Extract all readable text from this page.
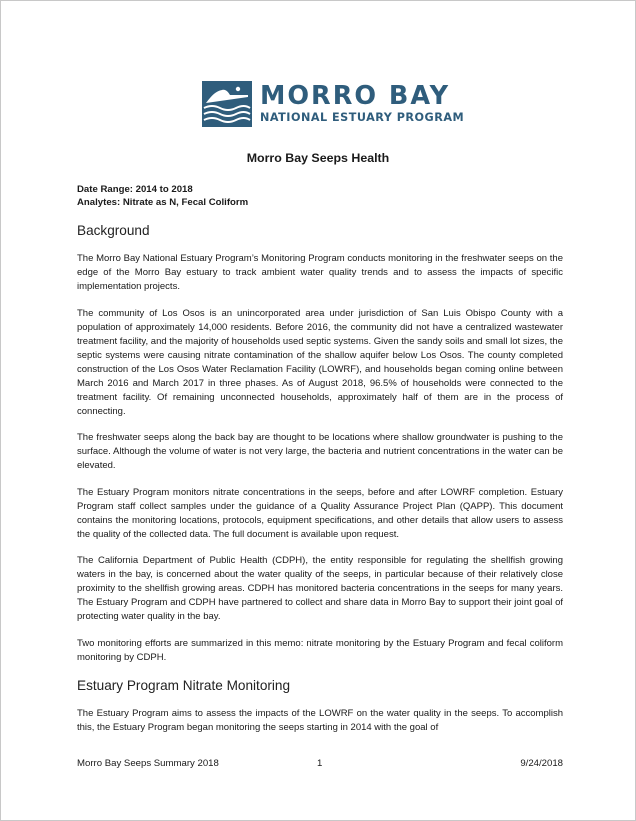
MORRO BAY
NATIONAL ESTUARY PROGRAM
Morro Bay Seeps Health
Date Range: 2014 to 2018
Analytes: Nitrate as N, Fecal Coliform
Background

The Morro Bay National Estuary Program’s Monitoring Program conducts monitoring in the freshwater seeps on the edge of the Morro Bay estuary to track ambient water quality trends and to assess the impacts of specific implementation projects.

The community of Los Osos is an unincorporated area under jurisdiction of San Luis Obispo County with a population of approximately 14,000 residents. Before 2016, the community did not have a centralized wastewater treatment facility, and the majority of households used septic systems. Given the sandy soils and small lot sizes, the septic systems were causing nitrate contamination of the shallow aquifer below Los Osos. The county completed construction of the Los Osos Water Reclamation Facility (LOWRF), and households began coming online between March 2016 and March 2017 in three phases. As of August 2018, 96.5% of households were connected to the treatment facility. Of remaining unconnected households, approximately half of them are in the process of connecting.

The freshwater seeps along the back bay are thought to be locations where shallow groundwater is pushing to the surface. Although the volume of water is not very large, the bacteria and nutrient concentrations in the water can be elevated.

The Estuary Program monitors nitrate concentrations in the seeps, before and after LOWRF completion. Estuary Program staff collect samples under the guidance of a Quality Assurance Project Plan (QAPP). This document contains the monitoring locations, protocols, equipment specifications, and other details that allow users to assess the quality of the collected data. The full document is available upon request.

The California Department of Public Health (CDPH), the entity responsible for regulating the shellfish growing waters in the bay, is concerned about the water quality of the seeps, in particular because of their relatively close proximity to the shellfish growing areas. CDPH has monitored bacteria concentrations in the seeps for many years. The Estuary Program and CDPH have partnered to collect and share data in Morro Bay to support their joint goal of protecting water quality in the bay.

Two monitoring efforts are summarized in this memo: nitrate monitoring by the Estuary Program and fecal coliform monitoring by CDPH.

Estuary Program Nitrate Monitoring

The Estuary Program aims to assess the impacts of the LOWRF on the water quality in the seeps. To accomplish this, the Estuary Program began monitoring the seeps starting in 2014 with the goal of

Morro Bay Seeps Summary 2018	1	9/24/2018
